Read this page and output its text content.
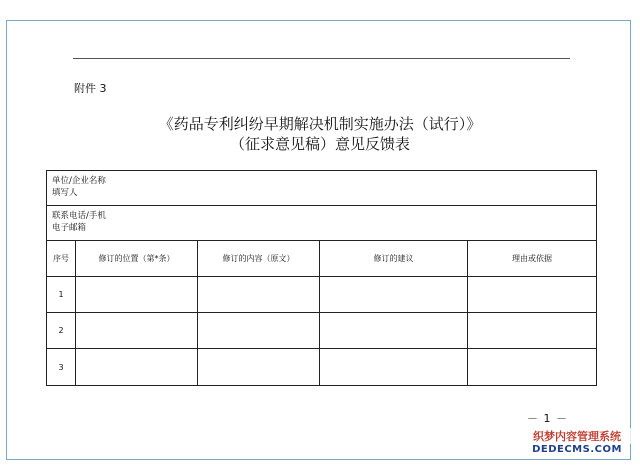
附件 3
《药品专利纠纷早期解决机制实施办法（试行）》
（征求意见稿）意见反馈表
单位/企业名称
填写人
联系电话/手机
电子邮箱
序号	修订的位置（第*条）	修订的内容（原文）	修订的建议	理由或依据
1
2
3
－ 1 －
织梦内容管理系统
DEDECMS.COM
